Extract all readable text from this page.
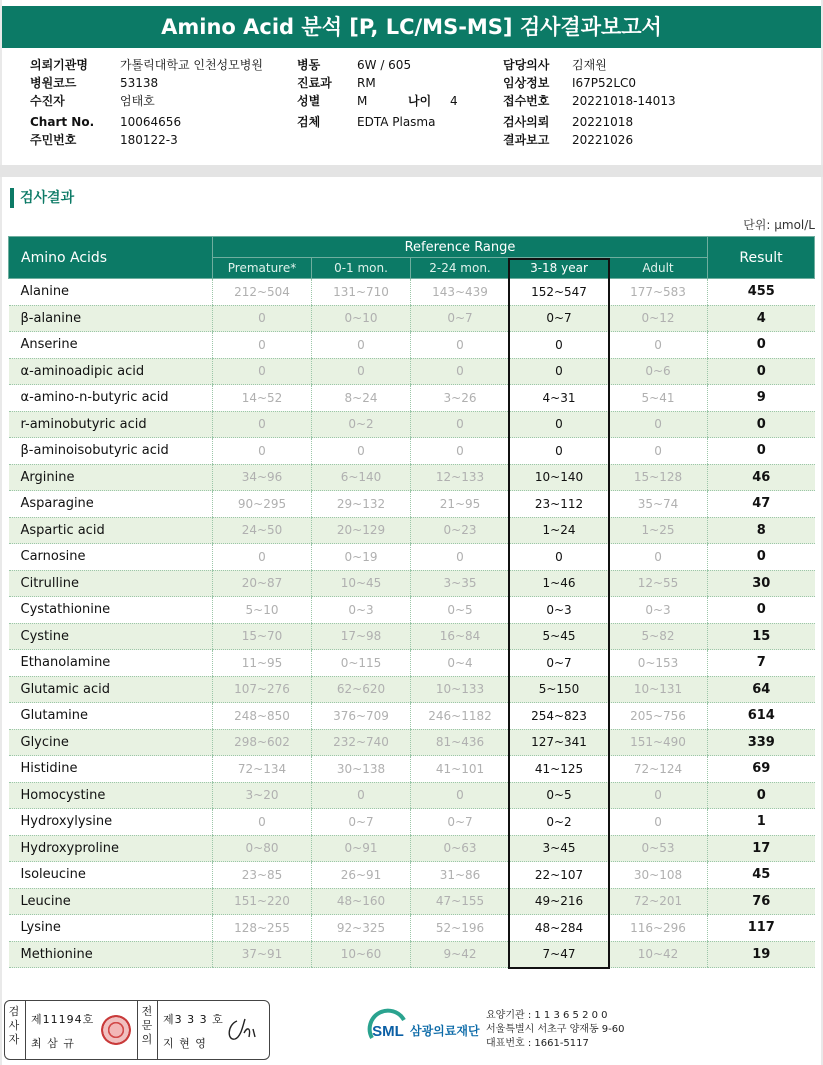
Amino Acid 분석 [P, LC/MS-MS] 검사결과보고서
의뢰기관명	가톨릭대학교 인천성모병원
병원코드	53138
수진자	엄태호
Chart No. 10064656
주민번호	180122-3
병동	6W / 605
진료과 RM
성별	M
검체	EDTA Plasma
담당의사 김재원
임상정보 I67P52LC0
접수번호 20221018-14013
검사의뢰 20221018
결과보고 20221026
나이 4
검사결과
단위: μmol/L
Amino Acids	Reference Range					Result
	Premature*	0-1 mon.	2-24 mon.	3-18 year	Adult	
Alanine	212~504	131~710	143~439	152~547	177~583	455
β-alanine	0	0~10	0~7	0~7	0~12	4
Anserine	0	0	0	0	0	0
α-aminoadipic acid	0	0	0	0	0~6	0
α-amino-n-butyric acid	14~52	8~24	3~26	4~31	5~41	9
r-aminobutyric acid	0	0~2	0	0	0	0
β-aminoisobutyric acid	0	0	0	0	0	0
Arginine	34~96	6~140	12~133	10~140	15~128	46
Asparagine	90~295	29~132	21~95	23~112	35~74	47
Aspartic acid	24~50	20~129	0~23	1~24	1~25	8
Carnosine	0	0~19	0	0	0	0
Citrulline	20~87	10~45	3~35	1~46	12~55	30
Cystathionine	5~10	0~3	0~5	0~3	0~3	0
Cystine	15~70	17~98	16~84	5~45	5~82	15
Ethanolamine	11~95	0~115	0~4	0~7	0~153	7
Glutamic acid	107~276	62~620	10~133	5~150	10~131	64
Glutamine	248~850	376~709	246~1182	254~823	205~756	614
Glycine	298~602	232~740	81~436	127~341	151~490	339
Histidine	72~134	30~138	41~101	41~125	72~124	69
Homocystine	3~20	0	0	0~5	0	0
Hydroxylysine	0	0~7	0~7	0~2	0	1
Hydroxyproline	0~80	0~91	0~63	3~45	0~53	17
Isoleucine	23~85	26~91	31~86	22~107	30~108	45
Leucine	151~220	48~160	47~155	49~216	72~201	76
Lysine	128~255	92~325	52~196	48~284	116~296	117
Methionine	37~91	10~60	9~42	7~47	10~42	19
검사자
제11194호
최 삼 규
전문의
제3 3 3 호
지 현 영
SML 삼광의료재단
요양기관 : 1 1 3 6 5 2 0 0
서울특별시 서초구 양재동 9-60
대표번호 : 1661-5117
